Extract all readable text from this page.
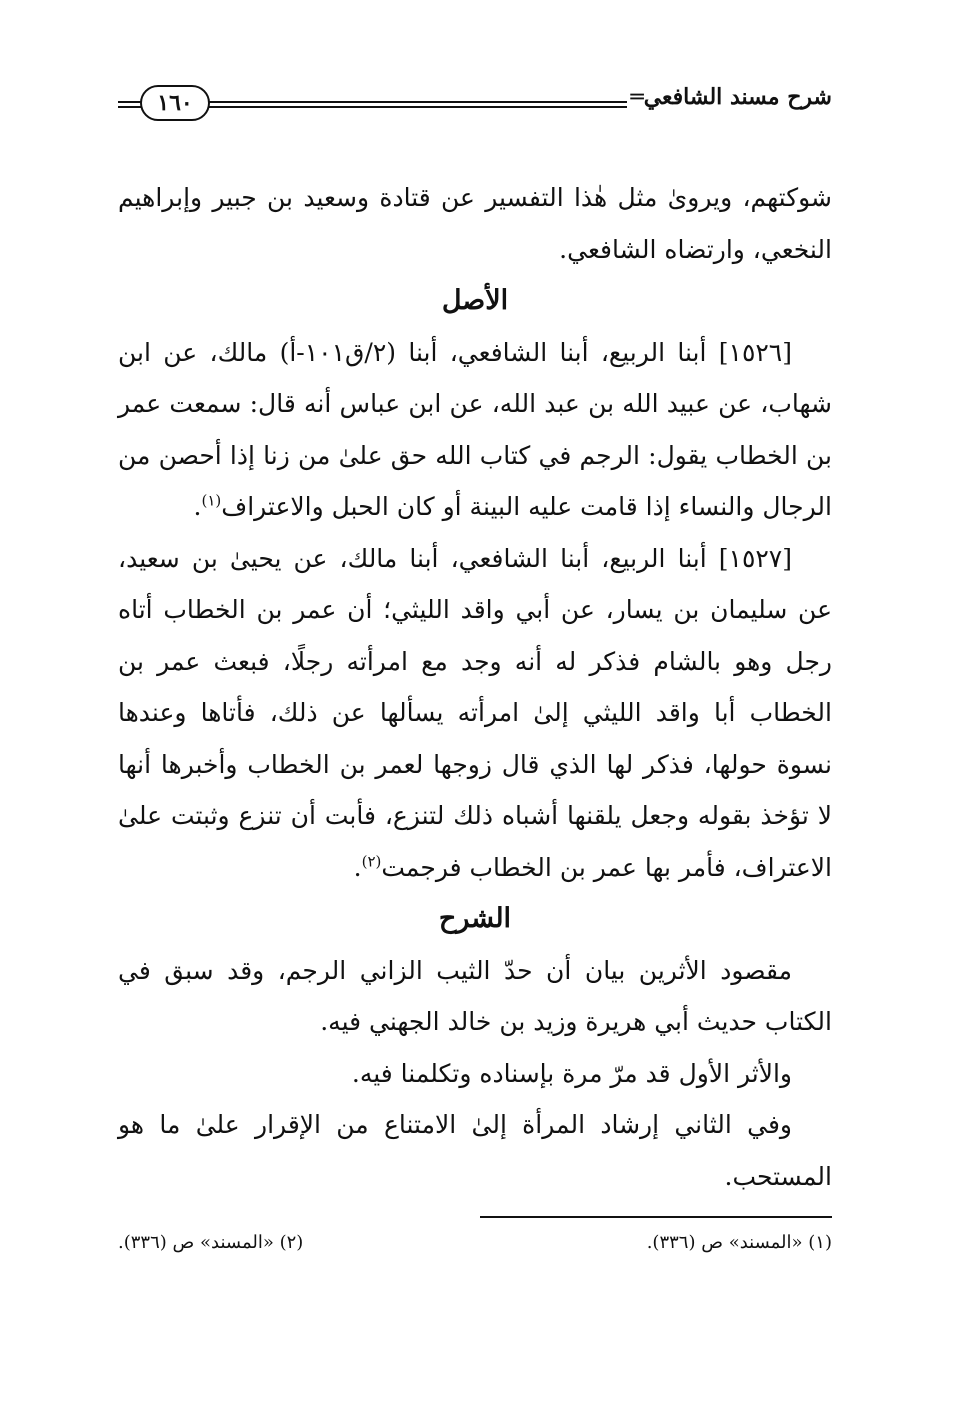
شرح مسند الشافعي═
١٦٠

شوكتهم، ويروىٰ مثل هٰذا التفسير عن قتادة وسعيد بن جبير وإبراهيم النخعي، وارتضاه الشافعي.

الأصل

[١٥٢٦] أبنا الربيع، أبنا الشافعي، أبنا (٢/ق١٠١-أ) مالك، عن ابن شهاب، عن عبيد الله بن عبد الله، عن ابن عباس أنه قال: سمعت عمر بن الخطاب يقول: الرجم في كتاب الله حق علىٰ من زنا إذا أحصن من الرجال والنساء إذا قامت عليه البينة أو كان الحبل والاعتراف$^{(١)}$.

[١٥٢٧] أبنا الربيع، أبنا الشافعي، أبنا مالك، عن يحيىٰ بن سعيد، عن سليمان بن يسار، عن أبي واقد الليثي؛ أن عمر بن الخطاب أتاه رجل وهو بالشام فذكر له أنه وجد مع امرأته رجلًا، فبعث عمر بن الخطاب أبا واقد الليثي إلىٰ امرأته يسألها عن ذلك، فأتاها وعندها نسوة حولها، فذكر لها الذي قال زوجها لعمر بن الخطاب وأخبرها أنها لا تؤخذ بقوله وجعل يلقنها أشباه ذلك لتنزع، فأبت أن تنزع وثبتت علىٰ الاعتراف، فأمر بها عمر بن الخطاب فرجمت$^{(٢)}$.

الشرح

مقصود الأثرين بيان أن حدّ الثيب الزاني الرجم، وقد سبق في الكتاب حديث أبي هريرة وزيد بن خالد الجهني فيه.

والأثر الأول قد مرّ مرة بإسناده وتكلمنا فيه.

وفي الثاني إرشاد المرأة إلىٰ الامتناع من الإقرار علىٰ ما هو المستحب.

(١) «المسند» ص (٣٣٦).
(٢) «المسند» ص (٣٣٦).
